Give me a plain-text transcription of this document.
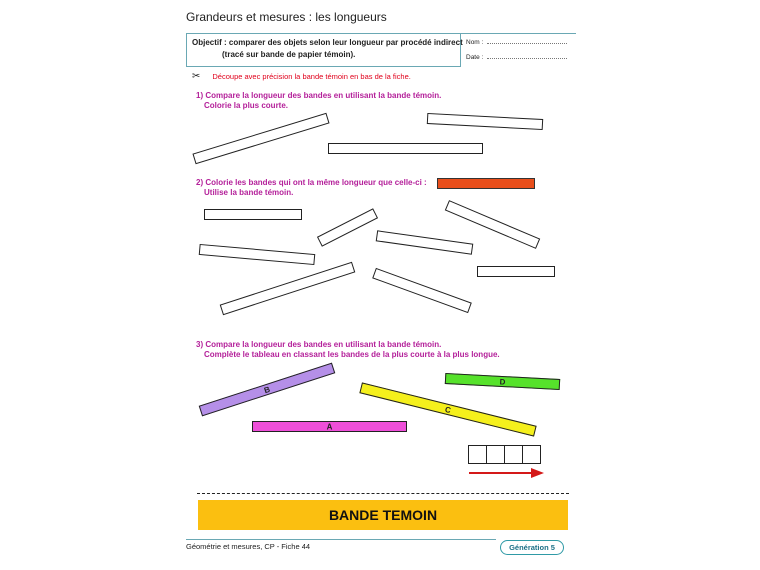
Grandeurs et mesures : les longueurs
Objectif : comparer des objets selon leur longueur par procédé indirect
(tracé sur bande de papier témoin).
Nom :
Date :
✂ Découpe avec précision la bande témoin en bas de la fiche.
1) Compare la longueur des bandes en utilisant la bande témoin.
Colorie la plus courte.
2) Colorie les bandes qui ont la même longueur que celle-ci :
Utilise la bande témoin.
3) Compare la longueur des bandes en utilisant la bande témoin.
Complète le tableau en classant les bandes de la plus courte à la plus longue.
B
D
C
A
BANDE TEMOIN
Géométrie et mesures, CP - Fiche 44	Génération 5
